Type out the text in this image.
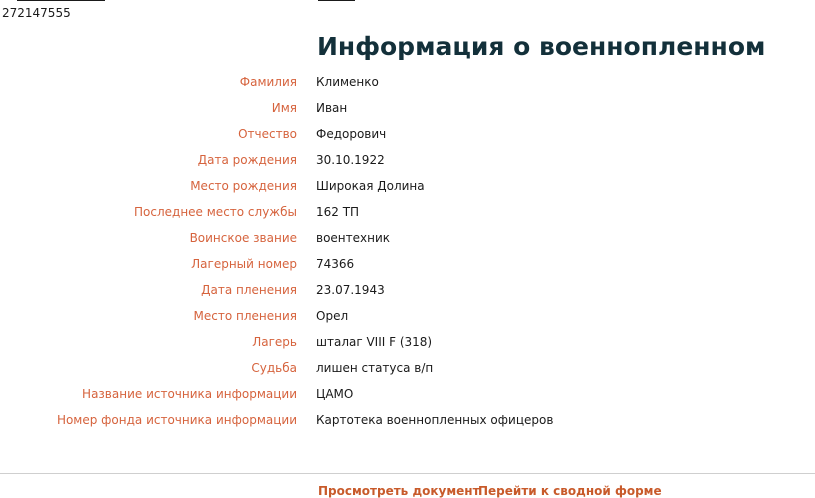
272147555
Информация о военнопленном
Фамилия Клименко
Имя Иван
Отчество Федорович
Дата рождения 30.10.1922
Место рождения Широкая Долина
Последнее место службы 162 ТП
Воинское звание воентехник
Лагерный номер 74366
Дата пленения 23.07.1943
Место пленения Орел
Лагерь шталаг VIII F (318)
Судьба лишен статуса в/п
Название источника информации ЦАМО
Номер фонда источника информации Картотека военнопленных офицеров
Просмотреть документ
Перейти к сводной форме
